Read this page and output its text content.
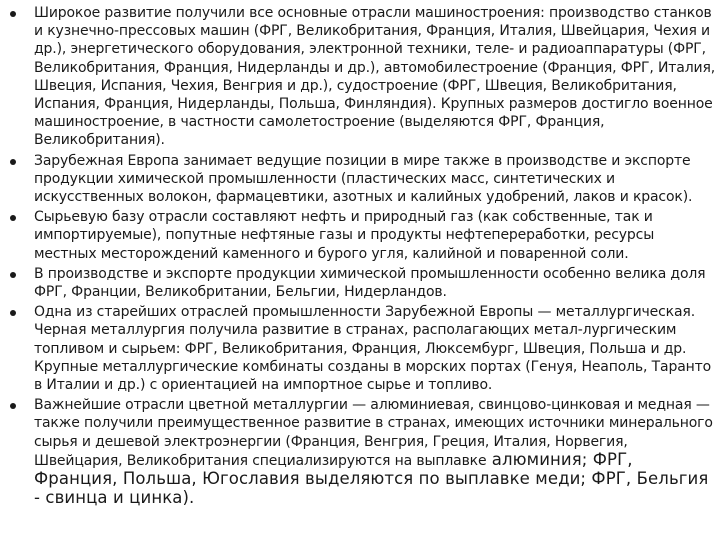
Широкое развитие получили все основные отрасли машиностроения: производство станков и кузнечно-прессовых машин (ФРГ, Великобритания, Франция, Италия, Швейцария, Чехия и др.), энергетического оборудования, электронной техники, теле- и радиоаппаратуры (ФРГ, Великобритания, Франция, Нидерланды и др.), автомобилестроение (Франция, ФРГ, Италия, Швеция, Испания, Чехия, Венгрия и др.), судостроение (ФРГ, Швеция, Великобритания, Испания, Франция, Нидерланды, Польша, Финляндия). Крупных размеров достигло военное машиностроение, в частности самолетостроение (выделяются ФРГ, Франция, Великобритания).
Зарубежная Европа занимает ведущие позиции в мире также в производстве и экспорте продукции химической промышленности (пластических масс, синтетических и искусственных волокон, фармацевтики, азотных и калийных удобрений, лаков и красок).
Сырьевую базу отрасли составляют нефть и природный газ (как собственные, так и импортируемые), попутные нефтяные газы и продукты нефтепереработки, ресурсы местных месторождений каменного и бурого угля, калийной и поваренной соли.
В производстве и экспорте продукции химической промышленности особенно велика доля ФРГ, Франции, Великобритании, Бельгии, Нидерландов.
Одна из старейших отраслей промышленности Зарубежной Европы — металлургическая. Черная металлургия получила развитие в странах, располагающих метал-лургическим топливом и сырьем: ФРГ, Великобритания, Франция, Люксембург, Швеция, Польша и др. Крупные металлургические комбинаты созданы в морских портах (Генуя, Неаполь, Таранто в Италии и др.) с ориентацией на импортное сырье и топливо.
Важнейшие отрасли цветной металлургии — алюминиевая, свинцово-цинковая и медная — также получили преимущественное развитие в странах, имеющих источники минерального сырья и дешевой электроэнергии (Франция, Венгрия, Греция, Италия, Норвегия, Швейцария, Великобритания специализируются на выплавке алюминия; ФРГ, Франция, Польша, Югославия выделяются по выплавке меди; ФРГ, Бельгия - свинца и цинка).
